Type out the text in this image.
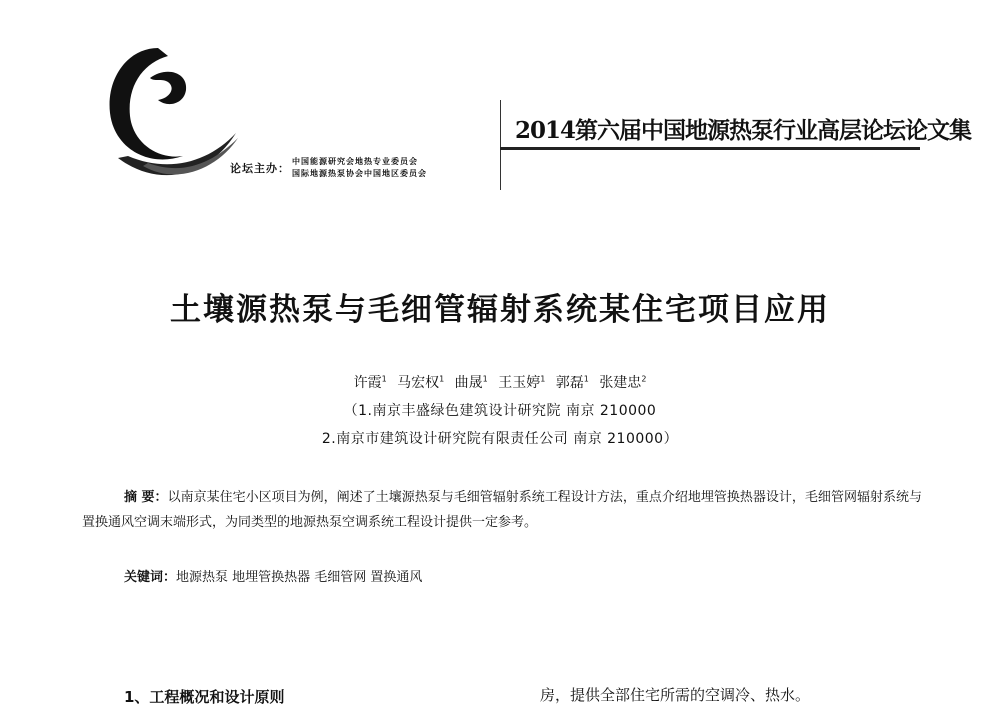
论坛主办：
中国能源研究会地热专业委员会
国际地源热泵协会中国地区委员会
2014第六届中国地源热泵行业高层论坛论文集
土壤源热泵与毛细管辐射系统某住宅项目应用
许霞$^1$ 马宏权$^1$ 曲晟$^1$ 王玉婷$^1$ 郭磊$^1$ 张建忠$^2$
（1.南京丰盛绿色建筑设计研究院 南京 210000
2.南京市建筑设计研究院有限责任公司 南京 210000）
摘 要：以南京某住宅小区项目为例，阐述了土壤源热泵与毛细管辐射系统工程设计方法，重点介绍地埋管换热器设计，毛细管网辐射系统与置换通风空调末端形式，为同类型的地源热泵空调系统工程设计提供一定参考。
关键词：地源热泵 地埋管换热器 毛细管网 置换通风
1、工程概况和设计原则	房，提供全部住宅所需的空调冷、热水。
